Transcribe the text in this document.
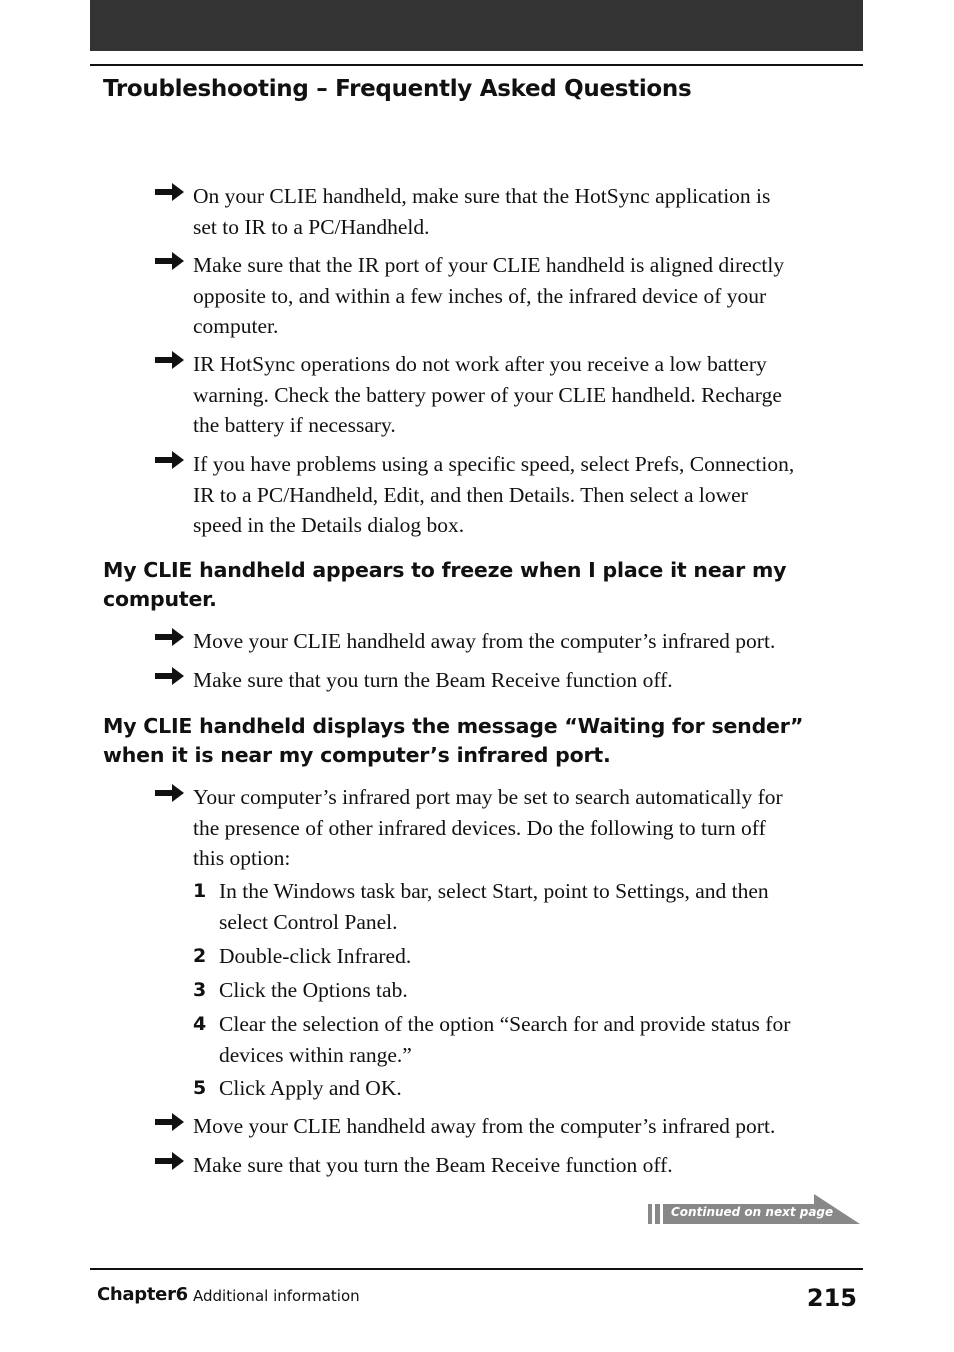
Troubleshooting – Frequently Asked Questions
On your CLIE handheld, make sure that the HotSync application is
set to IR to a PC/Handheld.
Make sure that the IR port of your CLIE handheld is aligned directly
opposite to, and within a few inches of, the infrared device of your
computer.
IR HotSync operations do not work after you receive a low battery
warning. Check the battery power of your CLIE handheld. Recharge
the battery if necessary.
If you have problems using a specific speed, select Prefs, Connection,
IR to a PC/Handheld, Edit, and then Details. Then select a lower
speed in the Details dialog box.
My CLIE handheld appears to freeze when I place it near my
computer.
Move your CLIE handheld away from the computer’s infrared port.
Make sure that you turn the Beam Receive function off.
My CLIE handheld displays the message “Waiting for sender”
when it is near my computer’s infrared port.
Your computer’s infrared port may be set to search automatically for
the presence of other infrared devices. Do the following to turn off
this option:
1 In the Windows task bar, select Start, point to Settings, and then
select Control Panel.
2 Double-click Infrared.
3 Click the Options tab.
4 Clear the selection of the option “Search for and provide status for
devices within range.”
5 Click Apply and OK.
Move your CLIE handheld away from the computer’s infrared port.
Make sure that you turn the Beam Receive function off.
Continued on next page
Chapter6 Additional information	215
